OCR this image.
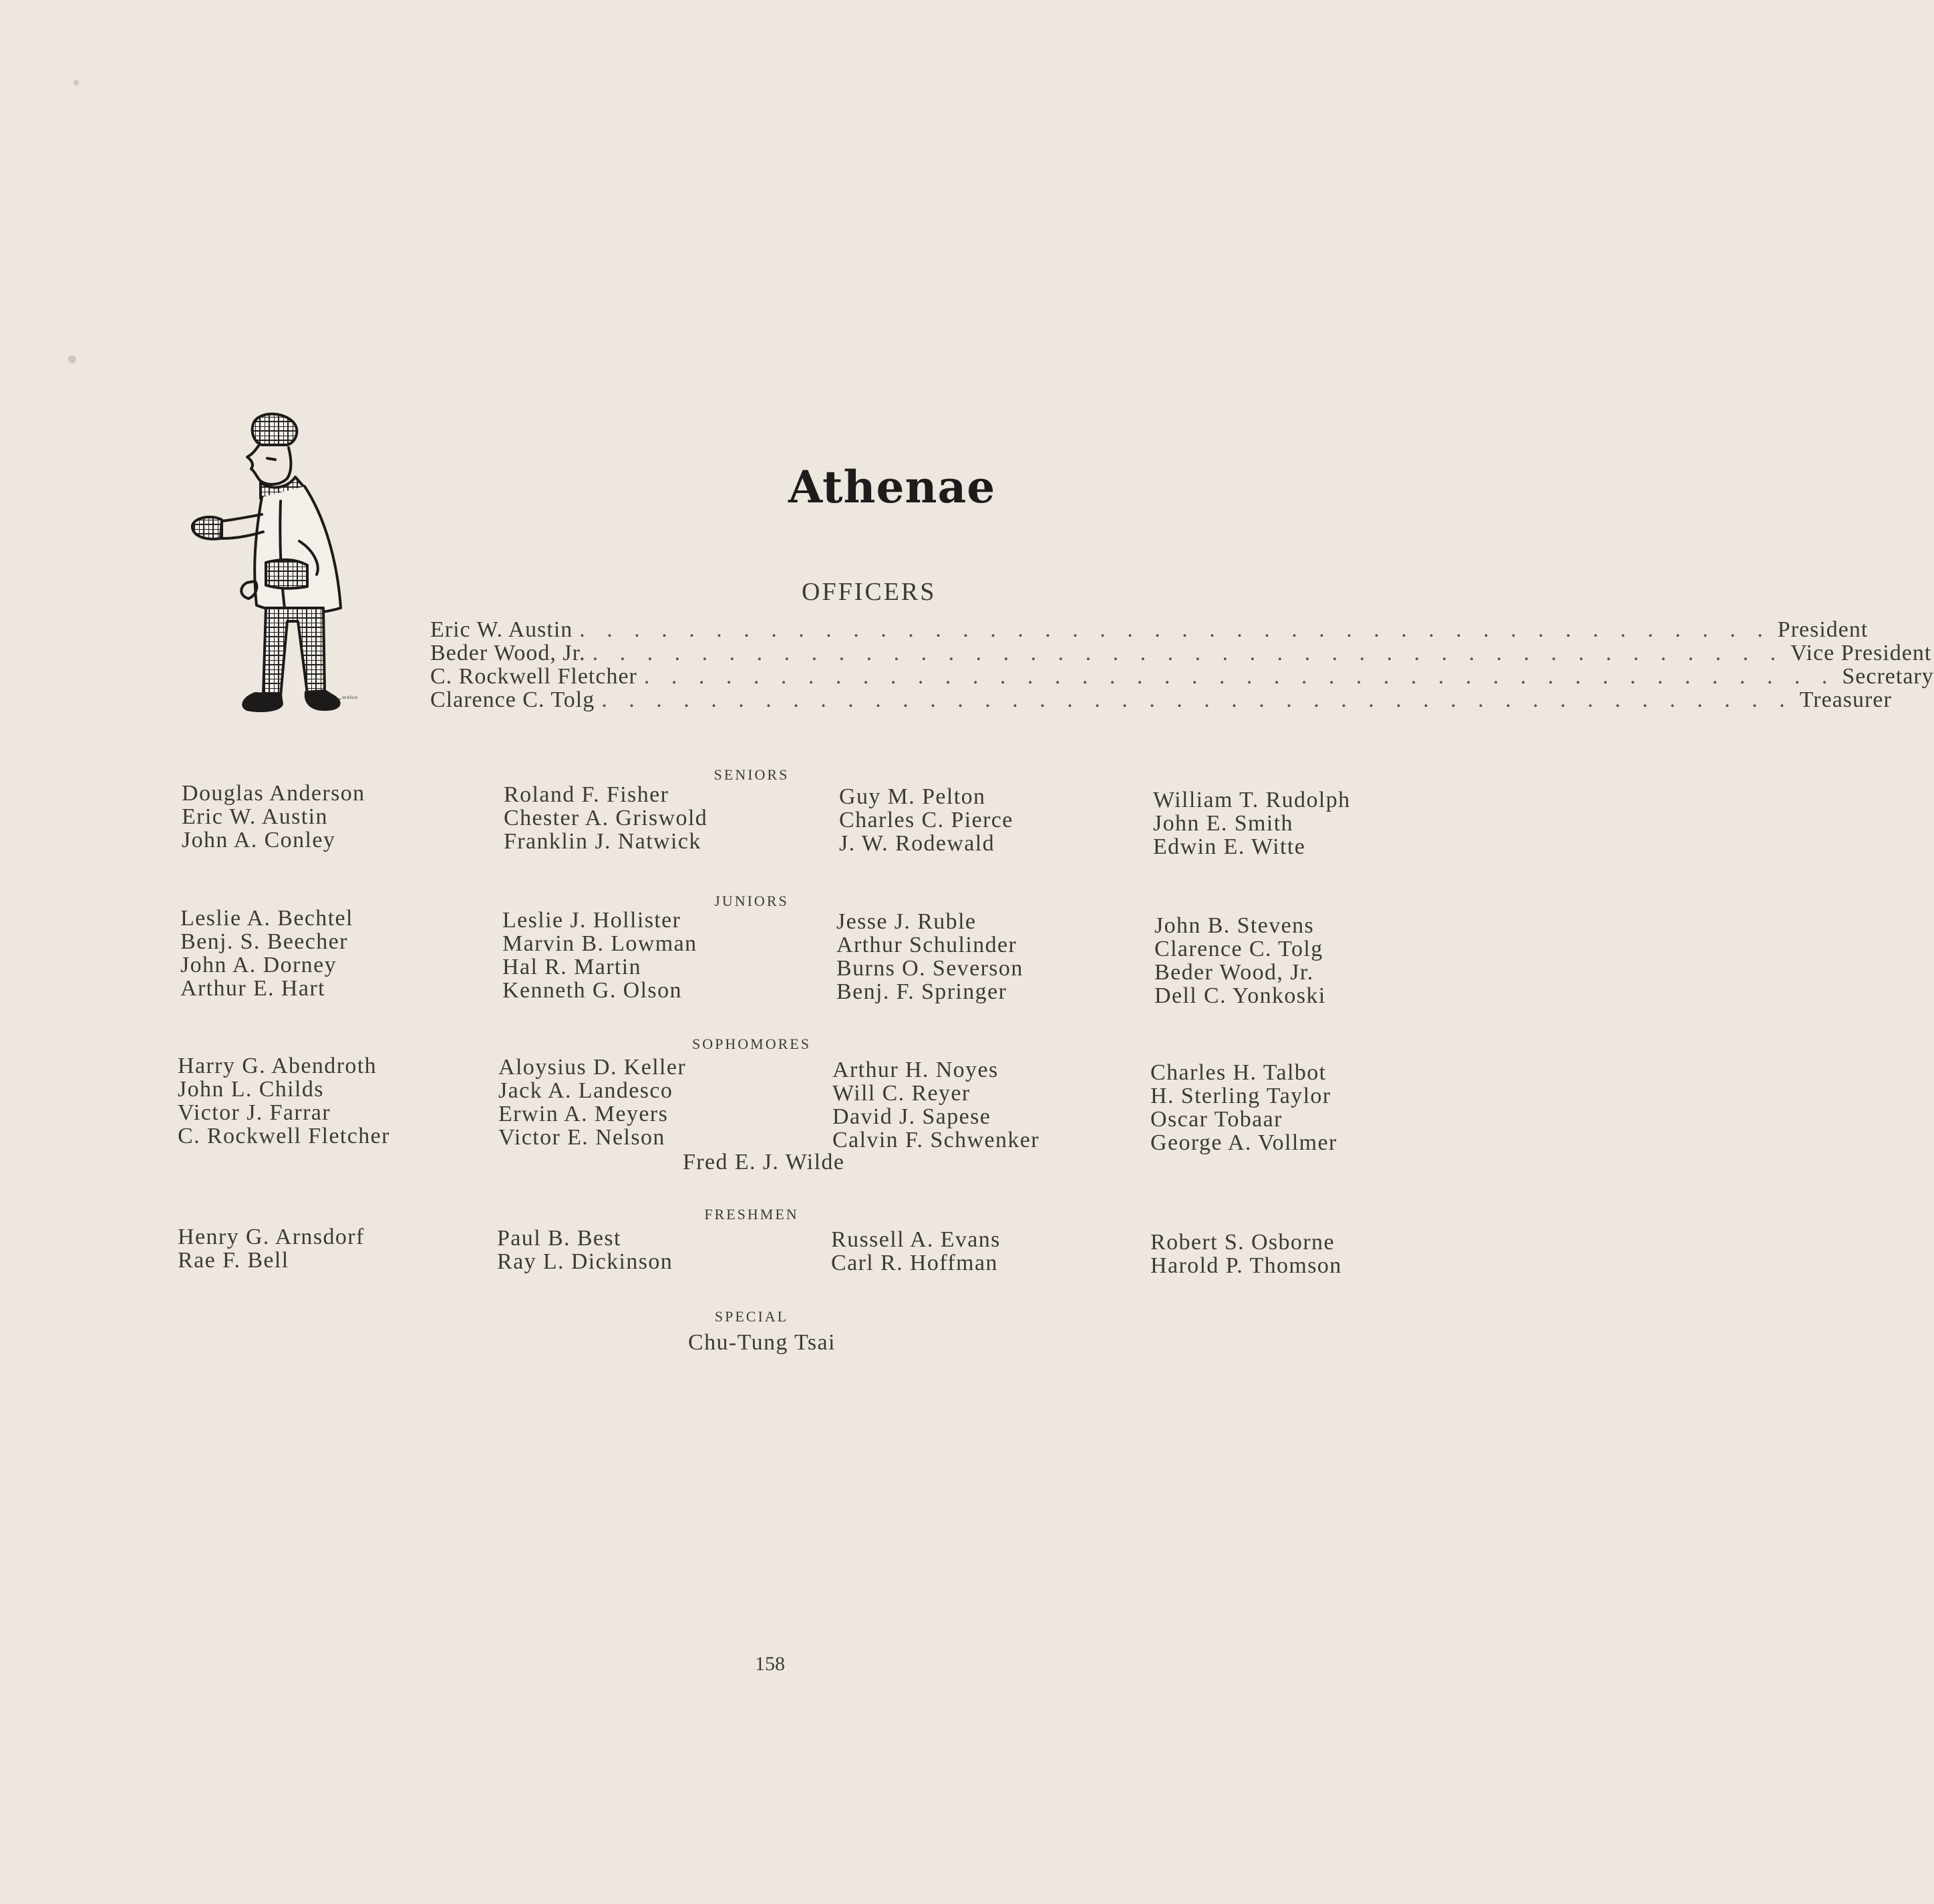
~ʷᵉˡᶜᵒ
Athenae
OFFICERS
Eric W. Austin . . . . . . . . . . . . . . . . . . . . . . . . . . . . . . . . . . . . . . . . . . . . President
Beder Wood, Jr. . . . . . . . . . . . . . . . . . . . . . . . . . . . . . . . . . . . . . . . . . . . . Vice President
C. Rockwell Fletcher . . . . . . . . . . . . . . . . . . . . . . . . . . . . . . . . . . . . . . . . . . . . Secretary
Clarence C. Tolg . . . . . . . . . . . . . . . . . . . . . . . . . . . . . . . . . . . . . . . . . . . . Treasurer
SENIORS
Douglas Anderson
Eric W. Austin
John A. Conley
Roland F. Fisher
Chester A. Griswold
Franklin J. Natwick
Guy M. Pelton
Charles C. Pierce
J. W. Rodewald
William T. Rudolph
John E. Smith
Edwin E. Witte
JUNIORS
Leslie A. Bechtel
Benj. S. Beecher
John A. Dorney
Arthur E. Hart
Leslie J. Hollister
Marvin B. Lowman
Hal R. Martin
Kenneth G. Olson
Jesse J. Ruble
Arthur Schulinder
Burns O. Severson
Benj. F. Springer
John B. Stevens
Clarence C. Tolg
Beder Wood, Jr.
Dell C. Yonkoski
SOPHOMORES
Harry G. Abendroth
John L. Childs
Victor J. Farrar
C. Rockwell Fletcher
Aloysius D. Keller
Jack A. Landesco
Erwin A. Meyers
Victor E. Nelson
Arthur H. Noyes
Will C. Reyer
David J. Sapese
Calvin F. Schwenker
Charles H. Talbot
H. Sterling Taylor
Oscar Tobaar
George A. Vollmer
Fred E. J. Wilde
FRESHMEN
Henry G. Arnsdorf
Rae F. Bell
Paul B. Best
Ray L. Dickinson
Russell A. Evans
Carl R. Hoffman
Robert S. Osborne
Harold P. Thomson
SPECIAL
Chu-Tung Tsai
158
